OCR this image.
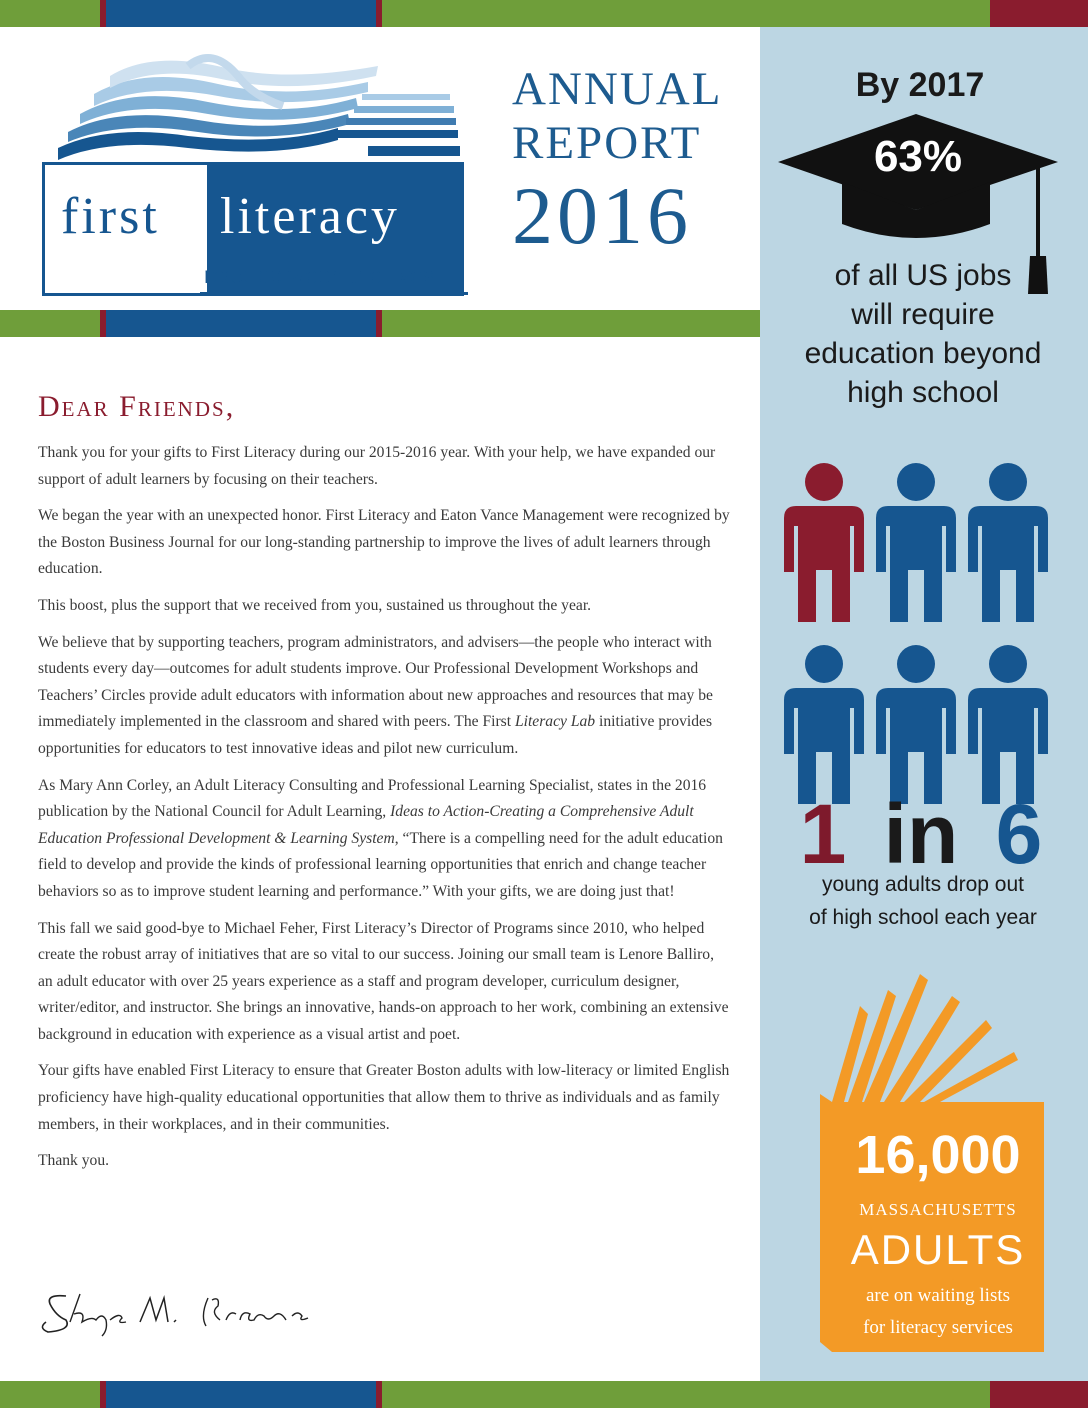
first literacy
read between the lives
ANNUAL
REPORT
2016
Dear Friends,

Thank you for your gifts to First Literacy during our 2015-2016 year. With your help, we have expanded our support of adult learners by focusing on their teachers.

We began the year with an unexpected honor. First Literacy and Eaton Vance Management were recognized by the Boston Business Journal for our long-standing partnership to improve the lives of adult learners through education.

This boost, plus the support that we received from you, sustained us throughout the year.

We believe that by supporting teachers, program administrators, and advisers—the people who interact with students every day—outcomes for adult students improve. Our Professional Development Workshops and Teachers’ Circles provide adult educators with information about new approaches and resources that may be immediately implemented in the classroom and shared with peers. The First Literacy Lab initiative provides opportunities for educators to test innovative ideas and pilot new curriculum.

As Mary Ann Corley, an Adult Literacy Consulting and Professional Learning Specialist, states in the 2016 publication by the National Council for Adult Learning, Ideas to Action-Creating a Comprehensive Adult Education Professional Development & Learning System, “There is a compelling need for the adult education field to develop and provide the kinds of professional learning opportunities that enrich and change teacher behaviors so as to improve student learning and performance.” With your gifts, we are doing just that!

This fall we said good-bye to Michael Feher, First Literacy’s Director of Programs since 2010, who helped create the robust array of initiatives that are so vital to our success. Joining our small team is Lenore Balliro, an adult educator with over 25 years experience as a staff and program developer, curriculum designer, writer/editor, and instructor. She brings an innovative, hands-on approach to her work, combining an extensive background in education with experience as a visual artist and poet.

Your gifts have enabled First Literacy to ensure that Greater Boston adults with low-literacy or limited English proficiency have high-quality educational opportunities that allow them to thrive as individuals and as family members, in their workplaces, and in their communities.

Thank you.

By 2017
63%
of all US jobs
will require
education beyond
high school
1 in 6
young adults drop out
of high school each year
16,000
MASSACHUSETTS
ADULTS
are on waiting lists
for literacy services
